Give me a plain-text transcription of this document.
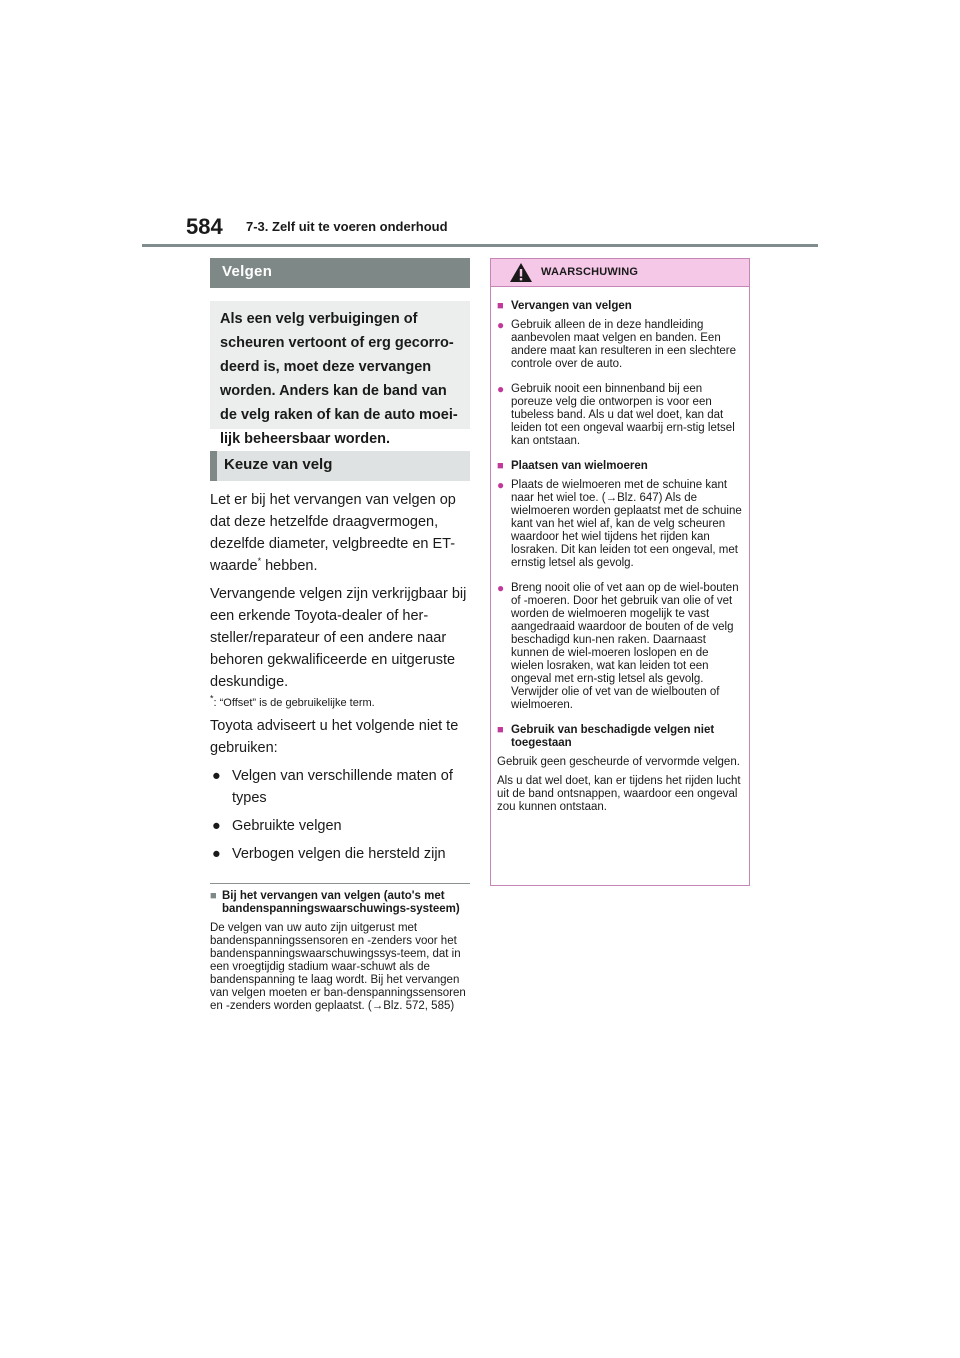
584 7-3. Zelf uit te voeren onderhoud
Velgen
Als een velg verbuigingen of scheuren vertoont of erg gecorro-deerd is, moet deze vervangen worden. Anders kan de band van de velg raken of kan de auto moei-lijk beheersbaar worden.
Keuze van velg

Let er bij het vervangen van velgen op dat deze hetzelfde draagvermogen, dezelfde diameter, velgbreedte en ET-waarde* hebben.

Vervangende velgen zijn verkrijgbaar bij een erkende Toyota-dealer of her-steller/reparateur of een andere naar behoren gekwalificeerde en uitgeruste deskundige.

*: “Offset” is de gebruikelijke term.

Toyota adviseert u het volgende niet te gebruiken:

● Velgen van verschillende maten of types
● Gebruikte velgen
● Verbogen velgen die hersteld zijn
■ Bij het vervangen van velgen (auto's met bandenspanningswaarschuwings-systeem)
De velgen van uw auto zijn uitgerust met bandenspanningssensoren en -zenders voor het bandenspanningswaarschuwingssys-teem, dat in een vroegtijdig stadium waar-schuwt als de bandenspanning te laag wordt. Bij het vervangen van velgen moeten er ban-denspanningssensoren en -zenders worden geplaatst. (→Blz. 572, 585)
WAARSCHUWING
■ Vervangen van velgen
● Gebruik alleen de in deze handleiding aanbevolen maat velgen en banden. Een andere maat kan resulteren in een slechtere controle over de auto.
● Gebruik nooit een binnenband bij een poreuze velg die ontworpen is voor een tubeless band. Als u dat wel doet, kan dat leiden tot een ongeval waarbij ern-stig letsel kan ontstaan.
■ Plaatsen van wielmoeren
● Plaats de wielmoeren met de schuine kant naar het wiel toe. (→Blz. 647) Als de wielmoeren worden geplaatst met de schuine kant van het wiel af, kan de velg scheuren waardoor het wiel tijdens het rijden kan losraken. Dit kan leiden tot een ongeval, met ernstig letsel als gevolg.
● Breng nooit olie of vet aan op de wiel-bouten of -moeren. Door het gebruik van olie of vet worden de wielmoeren mogelijk te vast aangedraaid waardoor de bouten of de velg beschadigd kun-nen raken. Daarnaast kunnen de wiel-moeren loslopen en de wielen losraken, wat kan leiden tot een ongeval met ern-stig letsel als gevolg. Verwijder olie of vet van de wielbouten of wielmoeren.
■ Gebruik van beschadigde velgen niet toegestaan
Gebruik geen gescheurde of vervormde velgen.
Als u dat wel doet, kan er tijdens het rijden lucht uit de band ontsnappen, waardoor een ongeval zou kunnen ontstaan.
